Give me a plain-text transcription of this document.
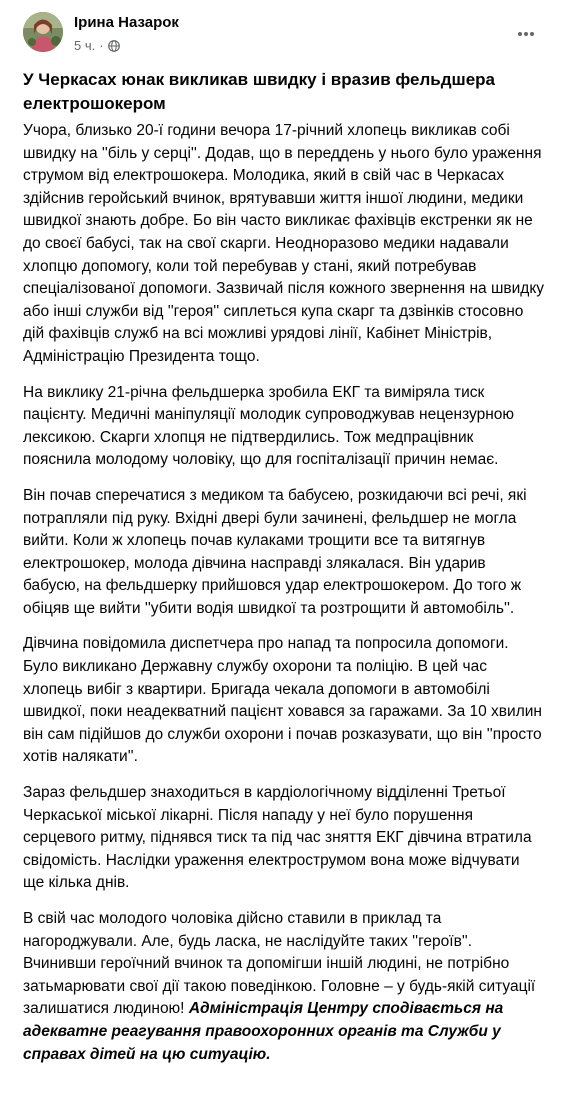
Ірина Назарок
5 ч. ·
У Черкасах юнак викликав швидку і вразив фельдшера електрошокером

Учора, близько 20-ї години вечора 17-річний хлопець викликав собі швидку на ''біль у серці''. Додав, що в переддень у нього було ураження струмом від електрошокера. Молодика, який в свій час в Черкасах здійснив геройський вчинок, врятувавши життя іншої людини, медики швидкої знають добре. Бо він часто викликає фахівців екстренки як не до своєї бабусі, так на свої скарги. Неодноразово медики надавали хлопцю допомогу, коли той перебував у стані, який потребував спеціалізованої допомоги. Зазвичай після кожного звернення на швидку або інші служби від ''героя'' сиплеться купа скарг та дзвінків стосовно дій фахівців служб на всі можливі урядові лінії, Кабінет Міністрів, Адміністрацію Президента тощо.

На виклику 21-річна фельдшерка зробила ЕКГ та виміряла тиск пацієнту. Медичні маніпуляції молодик супроводжував нецензурною лексикою. Скарги хлопця не підтвердились. Тож медпрацівник пояснила молодому чоловіку, що для госпіталізації причин немає.

Він почав сперечатися з медиком та бабусею, розкидаючи всі речі, які потрапляли під руку. Вхідні двері були зачинені, фельдшер не могла вийти. Коли ж хлопець почав кулаками трощити все та витягнув електрошокер, молода дівчина насправді злякалася. Він ударив бабусю, на фельдшерку прийшовся удар електрошокером. До того ж обіцяв ще вийти ''убити водія швидкої та розтрощити й автомобіль''.

Дівчина повідомила диспетчера про напад та попросила допомоги. Було викликано Державну службу охорони та поліцію. В цей час хлопець вибіг з квартири. Бригада чекала допомоги в автомобілі швидкої, поки неадекватний пацієнт ховався за гаражами. За 10 хвилин він сам підійшов до служби охорони і почав розказувати, що він ''просто хотів налякати''.

Зараз фельдшер знаходиться в кардіологічному відділенні Третьої Черкаської міської лікарні. Після нападу у неї було порушення серцевого ритму, піднявся тиск та під час зняття ЕКГ дівчина втратила свідомість. Наслідки ураження електрострумом вона може відчувати ще кілька днів.

В свій час молодого чоловіка дійсно ставили в приклад та нагороджували. Але, будь ласка, не наслідуйте таких ''героїв''. Вчинивши героїчний вчинок та допомігши іншій людині, не потрібно затьмарювати свої дії такою поведінкою. Головне – у будь-якій ситуації залишатися людиною! Адміністрація Центру сподівається на адекватне реагування правоохоронних органів та Служби у справах дітей на цю ситуацію.
